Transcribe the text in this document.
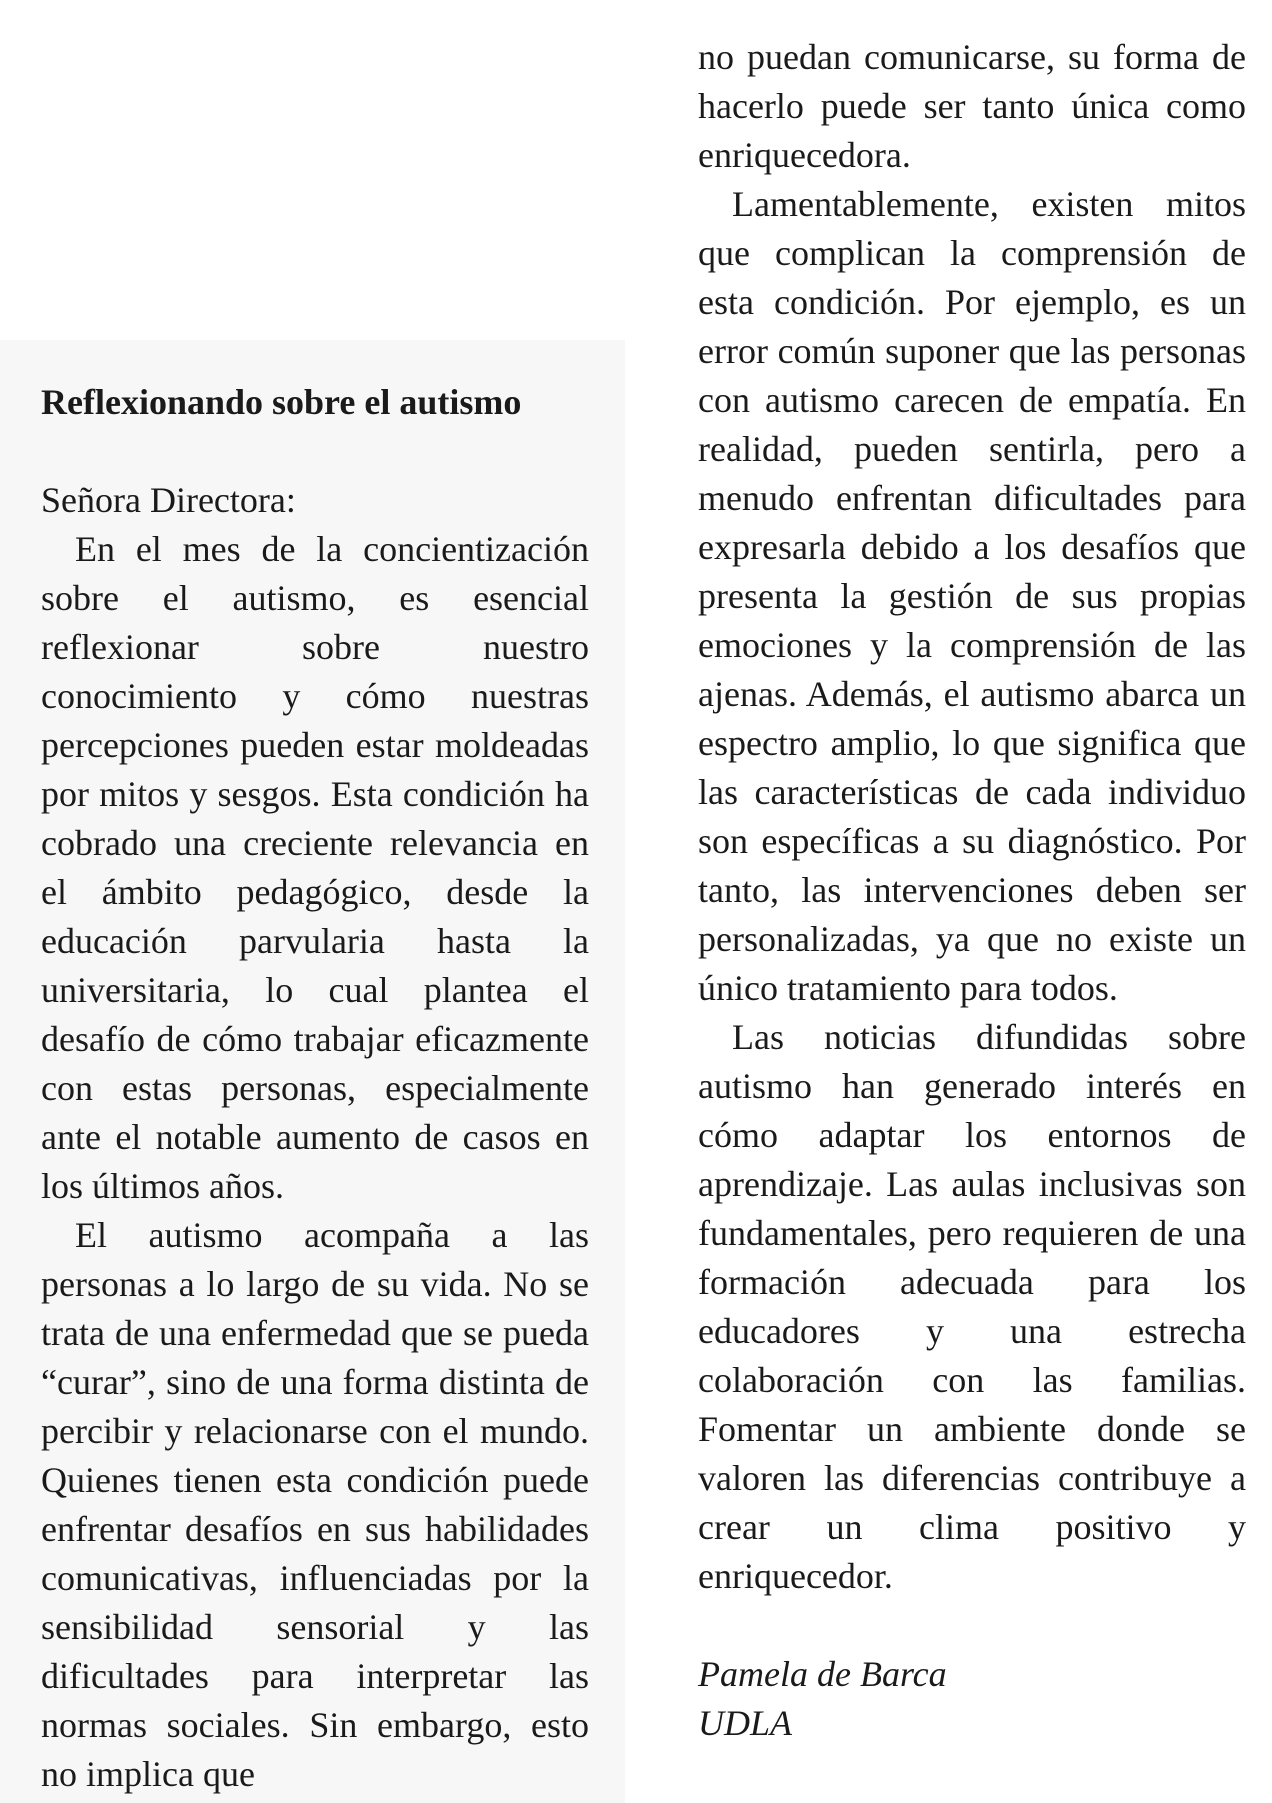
Reflexionando sobre el autismo
Señora Directora:

En el mes de la concientización sobre el autismo, es esencial reflexionar sobre nuestro conocimiento y cómo nuestras percepciones pueden estar moldeadas por mitos y sesgos. Esta condición ha cobrado una creciente relevancia en el ámbito pedagógico, desde la educación parvularia hasta la universitaria, lo cual plantea el desafío de cómo trabajar eficazmente con estas personas, especialmente ante el notable aumento de casos en los últimos años.

El autismo acompaña a las personas a lo largo de su vida. No se trata de una enfermedad que se pueda “curar”, sino de una forma distinta de percibir y relacionarse con el mundo. Quienes tienen esta condición puede enfrentar desafíos en sus habilidades comunicativas, influenciadas por la sensibilidad sensorial y las dificultades para interpretar las normas sociales. Sin embargo, esto no implica que

no puedan comunicarse, su forma de hacerlo puede ser tanto única como enriquecedora.

Lamentablemente, existen mitos que complican la comprensión de esta condición. Por ejemplo, es un error común suponer que las personas con autismo carecen de empatía. En realidad, pueden sentirla, pero a menudo enfrentan dificultades para expresarla debido a los desafíos que presenta la gestión de sus propias emociones y la comprensión de las ajenas. Además, el autismo abarca un espectro amplio, lo que significa que las características de cada individuo son específicas a su diagnóstico. Por tanto, las intervenciones deben ser personalizadas, ya que no existe un único tratamiento para todos.

Las noticias difundidas sobre autismo han generado interés en cómo adaptar los entornos de aprendizaje. Las aulas inclusivas son fundamentales, pero requieren de una formación adecuada para los educadores y una estrecha colaboración con las familias. Fomentar un ambiente donde se valoren las diferencias contribuye a crear un clima positivo y enriquecedor.

Pamela de Barca
UDLA
